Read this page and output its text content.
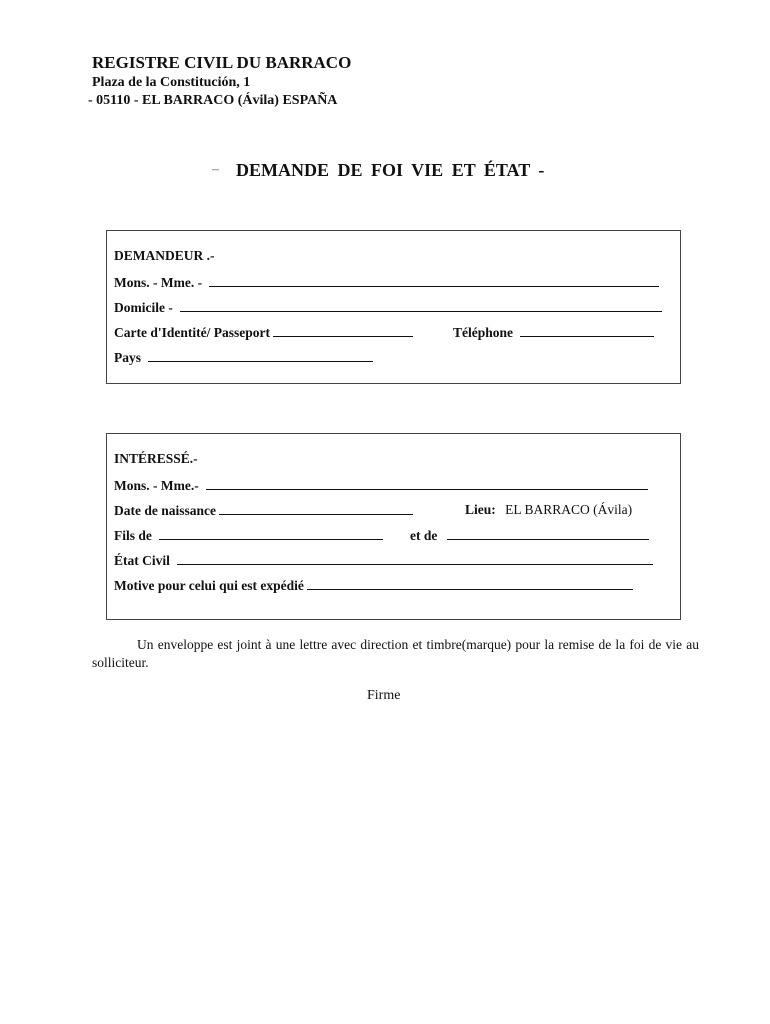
REGISTRE CIVIL DU BARRACO
Plaza de la Constitución, 1
- 05110 - EL BARRACO (Ávila) ESPAÑA
– DEMANDE DE FOI VIE ET ÉTAT -
DEMANDEUR .-
Mons. - Mme. -
Domicile -
Carte d'Identité/ Passeport	Téléphone
Pays
INTÉRESSÉ.-
Mons. - Mme.-
Date de naissance	Lieu: EL BARRACO (Ávila)
Fils de	et de
État Civil
Motive pour celui qui est expédié
Un enveloppe est joint à une lettre avec direction et timbre(marque) pour la remise de la foi de vie au solliciteur.
Firme
